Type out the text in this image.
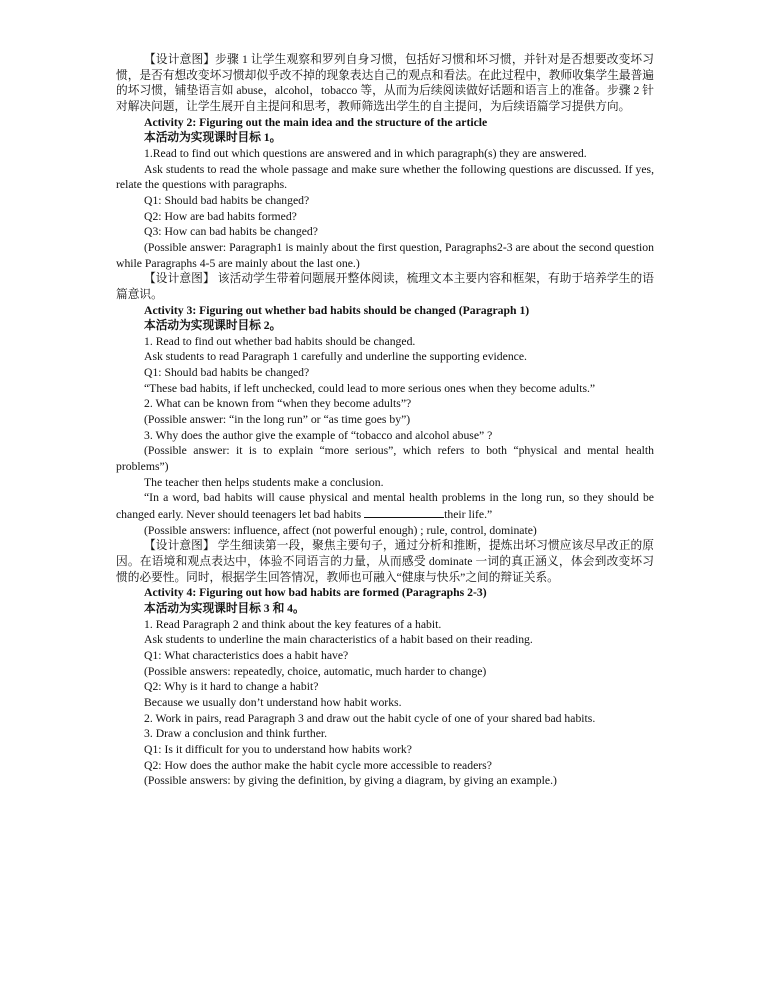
【设计意图】步骤 1 让学生观察和罗列自身习惯，包括好习惯和坏习惯，并针对是否想要改变坏习惯，是否有想改变坏习惯却似乎改不掉的现象表达自己的观点和看法。在此过程中，教师收集学生最普遍的坏习惯，铺垫语言如 abuse，alcohol，tobacco 等，从而为后续阅读做好话题和语言上的准备。步骤 2 针对解决问题，让学生展开自主提问和思考，教师筛选出学生的自主提问，为后续语篇学习提供方向。

Activity 2: Figuring out the main idea and the structure of the article

本活动为实现课时目标 1。

1.Read to find out which questions are answered and in which paragraph(s) they are answered.

Ask students to read the whole passage and make sure whether the following questions are discussed. If yes, relate the questions with paragraphs.

Q1: Should bad habits be changed?

Q2: How are bad habits formed?

Q3: How can bad habits be changed?

(Possible answer: Paragraph1 is mainly about the first question, Paragraphs2-3 are about the second question while Paragraphs 4-5 are mainly about the last one.)

【设计意图】 该活动学生带着问题展开整体阅读，梳理文本主要内容和框架，有助于培养学生的语篇意识。

Activity 3: Figuring out whether bad habits should be changed (Paragraph 1)

本活动为实现课时目标 2。

1. Read to find out whether bad habits should be changed.

Ask students to read Paragraph 1 carefully and underline the supporting evidence.

Q1: Should bad habits be changed?

“These bad habits, if left unchecked, could lead to more serious ones when they become adults.”

2. What can be known from “when they become adults”?

(Possible answer: “in the long run” or “as time goes by”)

3. Why does the author give the example of “tobacco and alcohol abuse” ?

(Possible answer: it is to explain “more serious”, which refers to both “physical and mental health problems”)

The teacher then helps students make a conclusion.

“In a word, bad habits will cause physical and mental health problems in the long run, so they should be changed early. Never should teenagers let bad habits	their life.”

(Possible answers: influence, affect (not powerful enough) ; rule, control, dominate)

【设计意图】 学生细读第一段，聚焦主要句子，通过分析和推断，提炼出坏习惯应该尽早改正的原因。在语境和观点表达中，体验不同语言的力量，从而感受 dominate 一词的真正涵义，体会到改变坏习惯的必要性。同时，根据学生回答情况，教师也可融入“健康与快乐”之间的辩证关系。

Activity 4: Figuring out how bad habits are formed (Paragraphs 2-3)

本活动为实现课时目标 3 和 4。

1. Read Paragraph 2 and think about the key features of a habit.

Ask students to underline the main characteristics of a habit based on their reading.

Q1: What characteristics does a habit have?

(Possible answers: repeatedly, choice, automatic, much harder to change)

Q2: Why is it hard to change a habit?

Because we usually don’t understand how habit works.

2. Work in pairs, read Paragraph 3 and draw out the habit cycle of one of your shared bad habits.

3. Draw a conclusion and think further.

Q1: Is it difficult for you to understand how habits work?

Q2: How does the author make the habit cycle more accessible to readers?

(Possible answers: by giving the definition, by giving a diagram, by giving an example.)
